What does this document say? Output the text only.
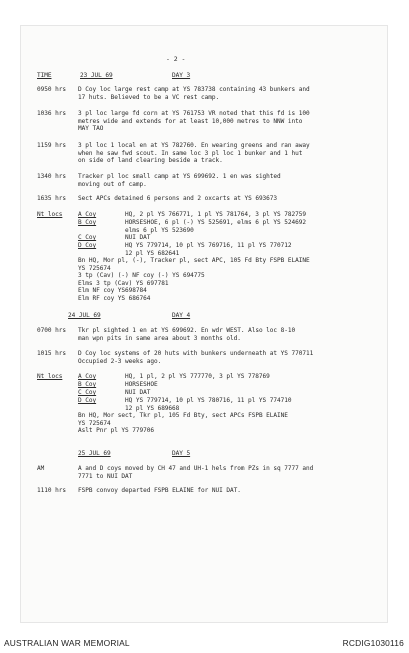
- 2 -
TIME	23 JUL 69	DAY 3
0950 hrs D Coy loc large rest camp at YS 783738 containing 43 bunkers and
17 huts. Believed to be a VC rest camp.
1036 hrs 3 pl loc large fd corn at YS 761753 VR noted that this fd is 100
metres wide and extends for at least 10,000 metres to NNW into
MAY TAO
1159 hrs 3 pl loc 1 local en at YS 782760. En wearing greens and ran away
when he saw fwd scout. In same loc 3 pl loc 1 bunker and 1 hut
on side of land clearing beside a track.
1340 hrs Tracker pl loc small camp at YS 699692. 1 en was sighted
moving out of camp.
1635 hrs Sect APCs detained 6 persons and 2 oxcarts at YS 693673
Nt locs	A Coy	HQ, 2 pl YS 766771, 1 pl YS 781764, 3 pl YS 782759
B Coy	HORSESHOE, 6 pl (-) YS 525691, elms 6 pl YS 524692
elms 6 pl YS 523690
C Coy	NUI DAT
D Coy	HQ YS 779714, 10 pl YS 769716, 11 pl YS 770712
12 pl YS 682641
Bn HQ, Mor pl, (-), Tracker pl, sect APC, 105 Fd Bty FSPB ELAINE
YS 725674
3 tp (Cav) (-) NF coy (-) YS 694775
Elms 3 tp (Cav) YS 697781
Elm NF coy YS698784
Elm RF coy YS 686764
24 JUL 69	DAY 4
0700 hrs Tkr pl sighted 1 en at YS 699692. En wdr WEST. Also loc 8-10
man wpn pits in same area about 3 months old.
1015 hrs D Coy loc systems of 20 huts with bunkers underneath at YS 770711
Occupied 2-3 weeks ago.
Nt locs	A Coy	HQ, 1 pl, 2 pl YS 777770, 3 pl YS 778769
B Coy	HORSESHOE
C Coy	NUI DAT
D Coy	HQ YS 779714, 10 pl YS 780716, 11 pl YS 774710
12 pl YS 689668
Bn HQ, Mor sect, Tkr pl, 105 Fd Bty, sect APCs FSPB ELAINE
YS 725674
Aslt Pnr pl YS 779706
25 JUL 69	DAY 5
AM	A and D coys moved by CH 47 and UH-1 hels from PZs in sq 7777 and
7771 to NUI DAT
1110 hrs FSPB convoy departed FSPB ELAINE for NUI DAT.
AUSTRALIAN WAR MEMORIAL	RCDIG1030116
